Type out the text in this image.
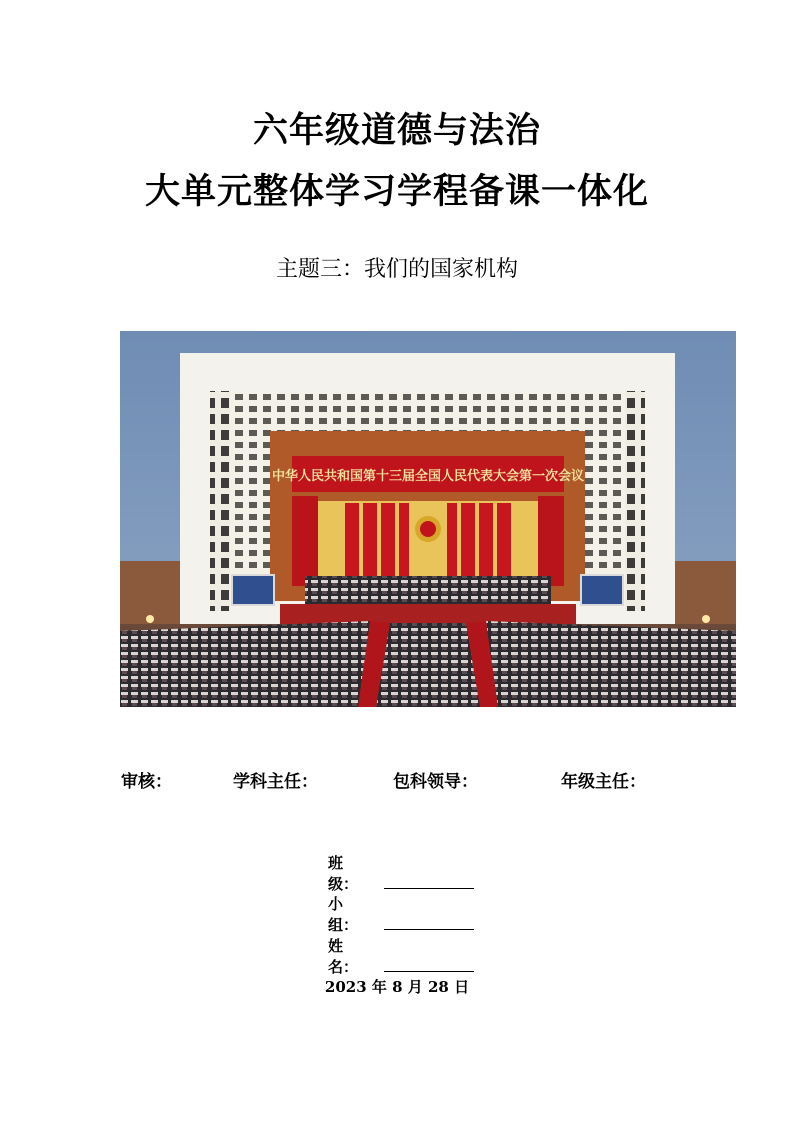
六年级道德与法治
大单元整体学习学程备课一体化
主题三：我们的国家机构
中华人民共和国第十三届全国人民代表大会第一次会议
审核：	学科主任：	包科领导：	年级主任：
班　级：
小　组：
姓　名：
2023 年 8 月 28 日
